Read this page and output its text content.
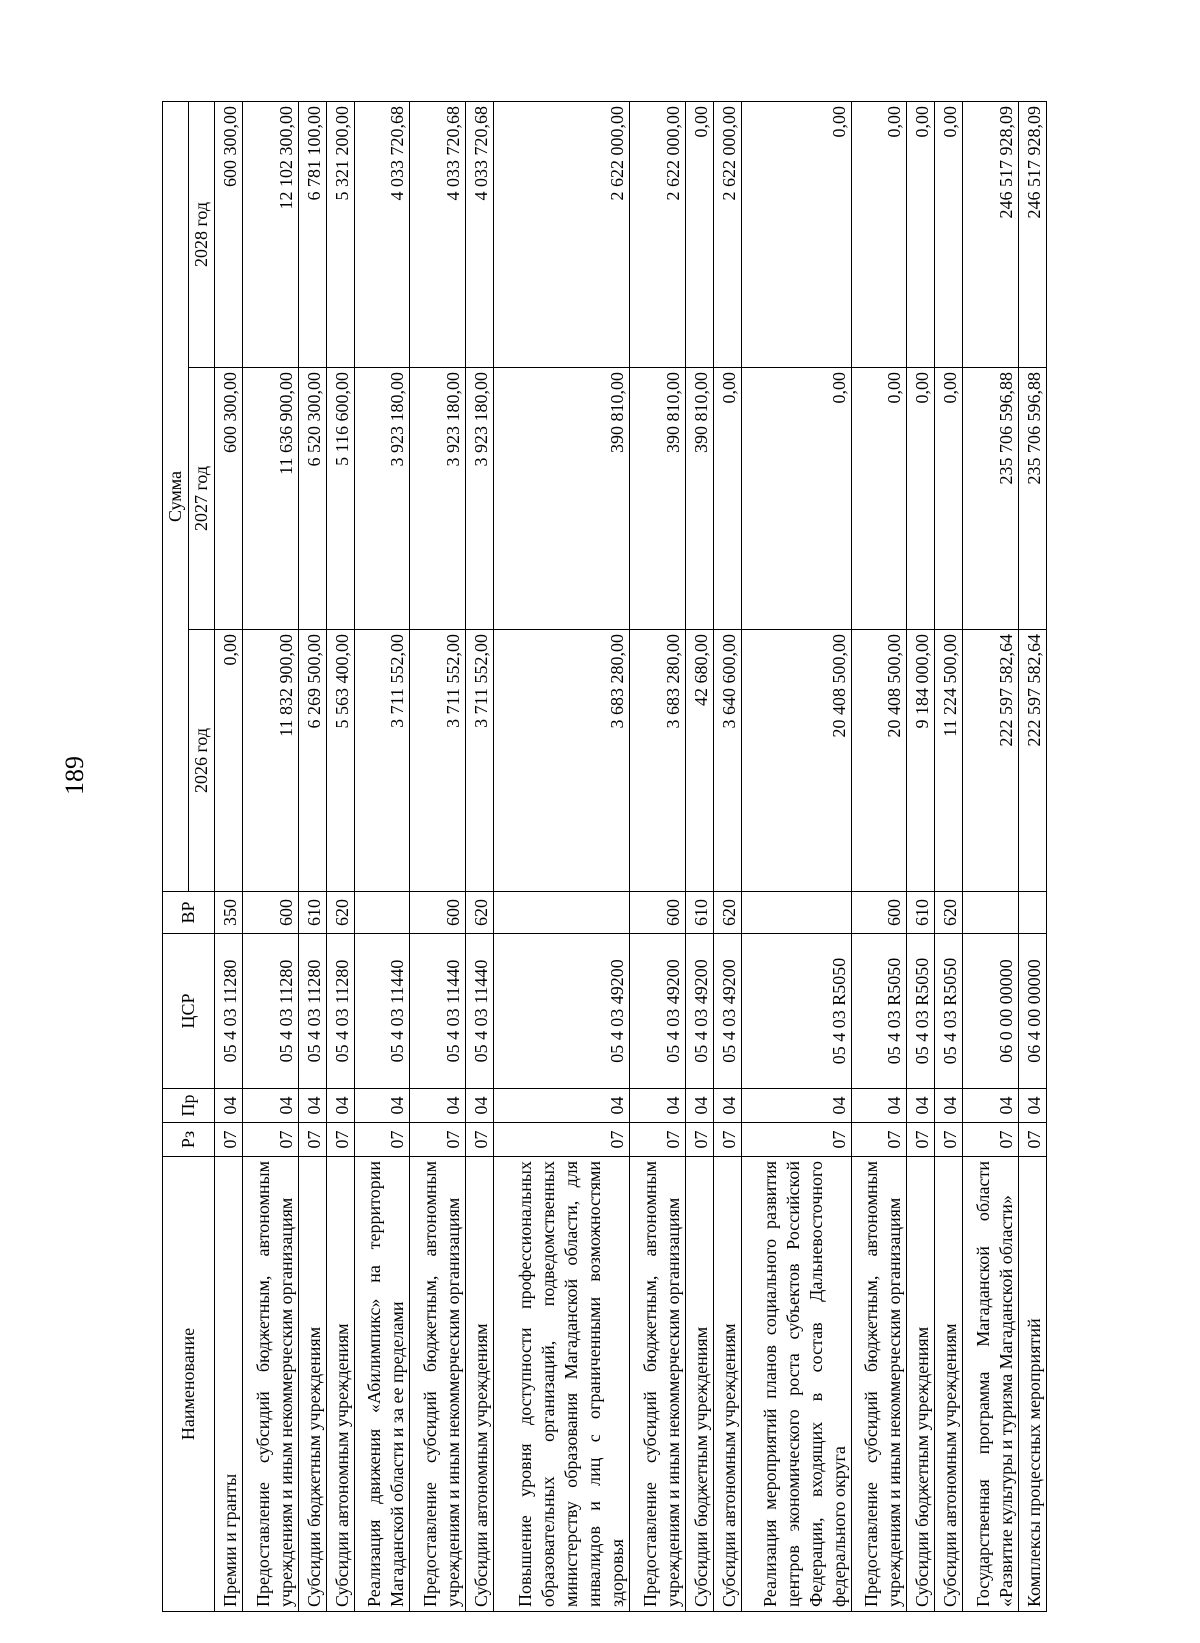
189
Наименование	Рз	Пр	ЦСР	ВР	Сумма		
					2026 год	2027 год	2028 год
Премии и гранты	07	04	05 4 03 11280	350	0,00	600 300,00	600 300,00
Предоставление субсидий бюджетным, автономным учреждениям и иным некоммерческим организациям	07	04	05 4 03 11280	600	11 832 900,00	11 636 900,00	12 102 300,00
Субсидии бюджетным учреждениям	07	04	05 4 03 11280	610	6 269 500,00	6 520 300,00	6 781 100,00
Субсидии автономным учреждениям	07	04	05 4 03 11280	620	5 563 400,00	5 116 600,00	5 321 200,00
Реализация движения «Абилимпикс» на территории Магаданской области и за ее пределами	07	04	05 4 03 11440		3 711 552,00	3 923 180,00	4 033 720,68
Предоставление субсидий бюджетным, автономным учреждениям и иным некоммерческим организациям	07	04	05 4 03 11440	600	3 711 552,00	3 923 180,00	4 033 720,68
Субсидии автономным учреждениям	07	04	05 4 03 11440	620	3 711 552,00	3 923 180,00	4 033 720,68
Повышение уровня доступности профессиональных образовательных организаций, подведомственных министерству образования Магаданской области, для инвалидов и лиц с ограниченными возможностями здоровья	07	04	05 4 03 49200		3 683 280,00	390 810,00	2 622 000,00
Предоставление субсидий бюджетным, автономным учреждениям и иным некоммерческим организациям	07	04	05 4 03 49200	600	3 683 280,00	390 810,00	2 622 000,00
Субсидии бюджетным учреждениям	07	04	05 4 03 49200	610	42 680,00	390 810,00	0,00
Субсидии автономным учреждениям	07	04	05 4 03 49200	620	3 640 600,00	0,00	2 622 000,00
Реализация мероприятий планов социального развития центров экономического роста субъектов Российской Федерации, входящих в состав Дальневосточного федерального округа	07	04	05 4 03 R5050		20 408 500,00	0,00	0,00
Предоставление субсидий бюджетным, автономным учреждениям и иным некоммерческим организациям	07	04	05 4 03 R5050	600	20 408 500,00	0,00	0,00
Субсидии бюджетным учреждениям	07	04	05 4 03 R5050	610	9 184 000,00	0,00	0,00
Субсидии автономным учреждениям	07	04	05 4 03 R5050	620	11 224 500,00	0,00	0,00
Государственная программа Магаданской области «Развитие культуры и туризма Магаданской области»	07	04	06 0 00 00000		222 597 582,64	235 706 596,88	246 517 928,09
Комплексы процессных мероприятий	07	04	06 4 00 00000		222 597 582,64	235 706 596,88	246 517 928,09
